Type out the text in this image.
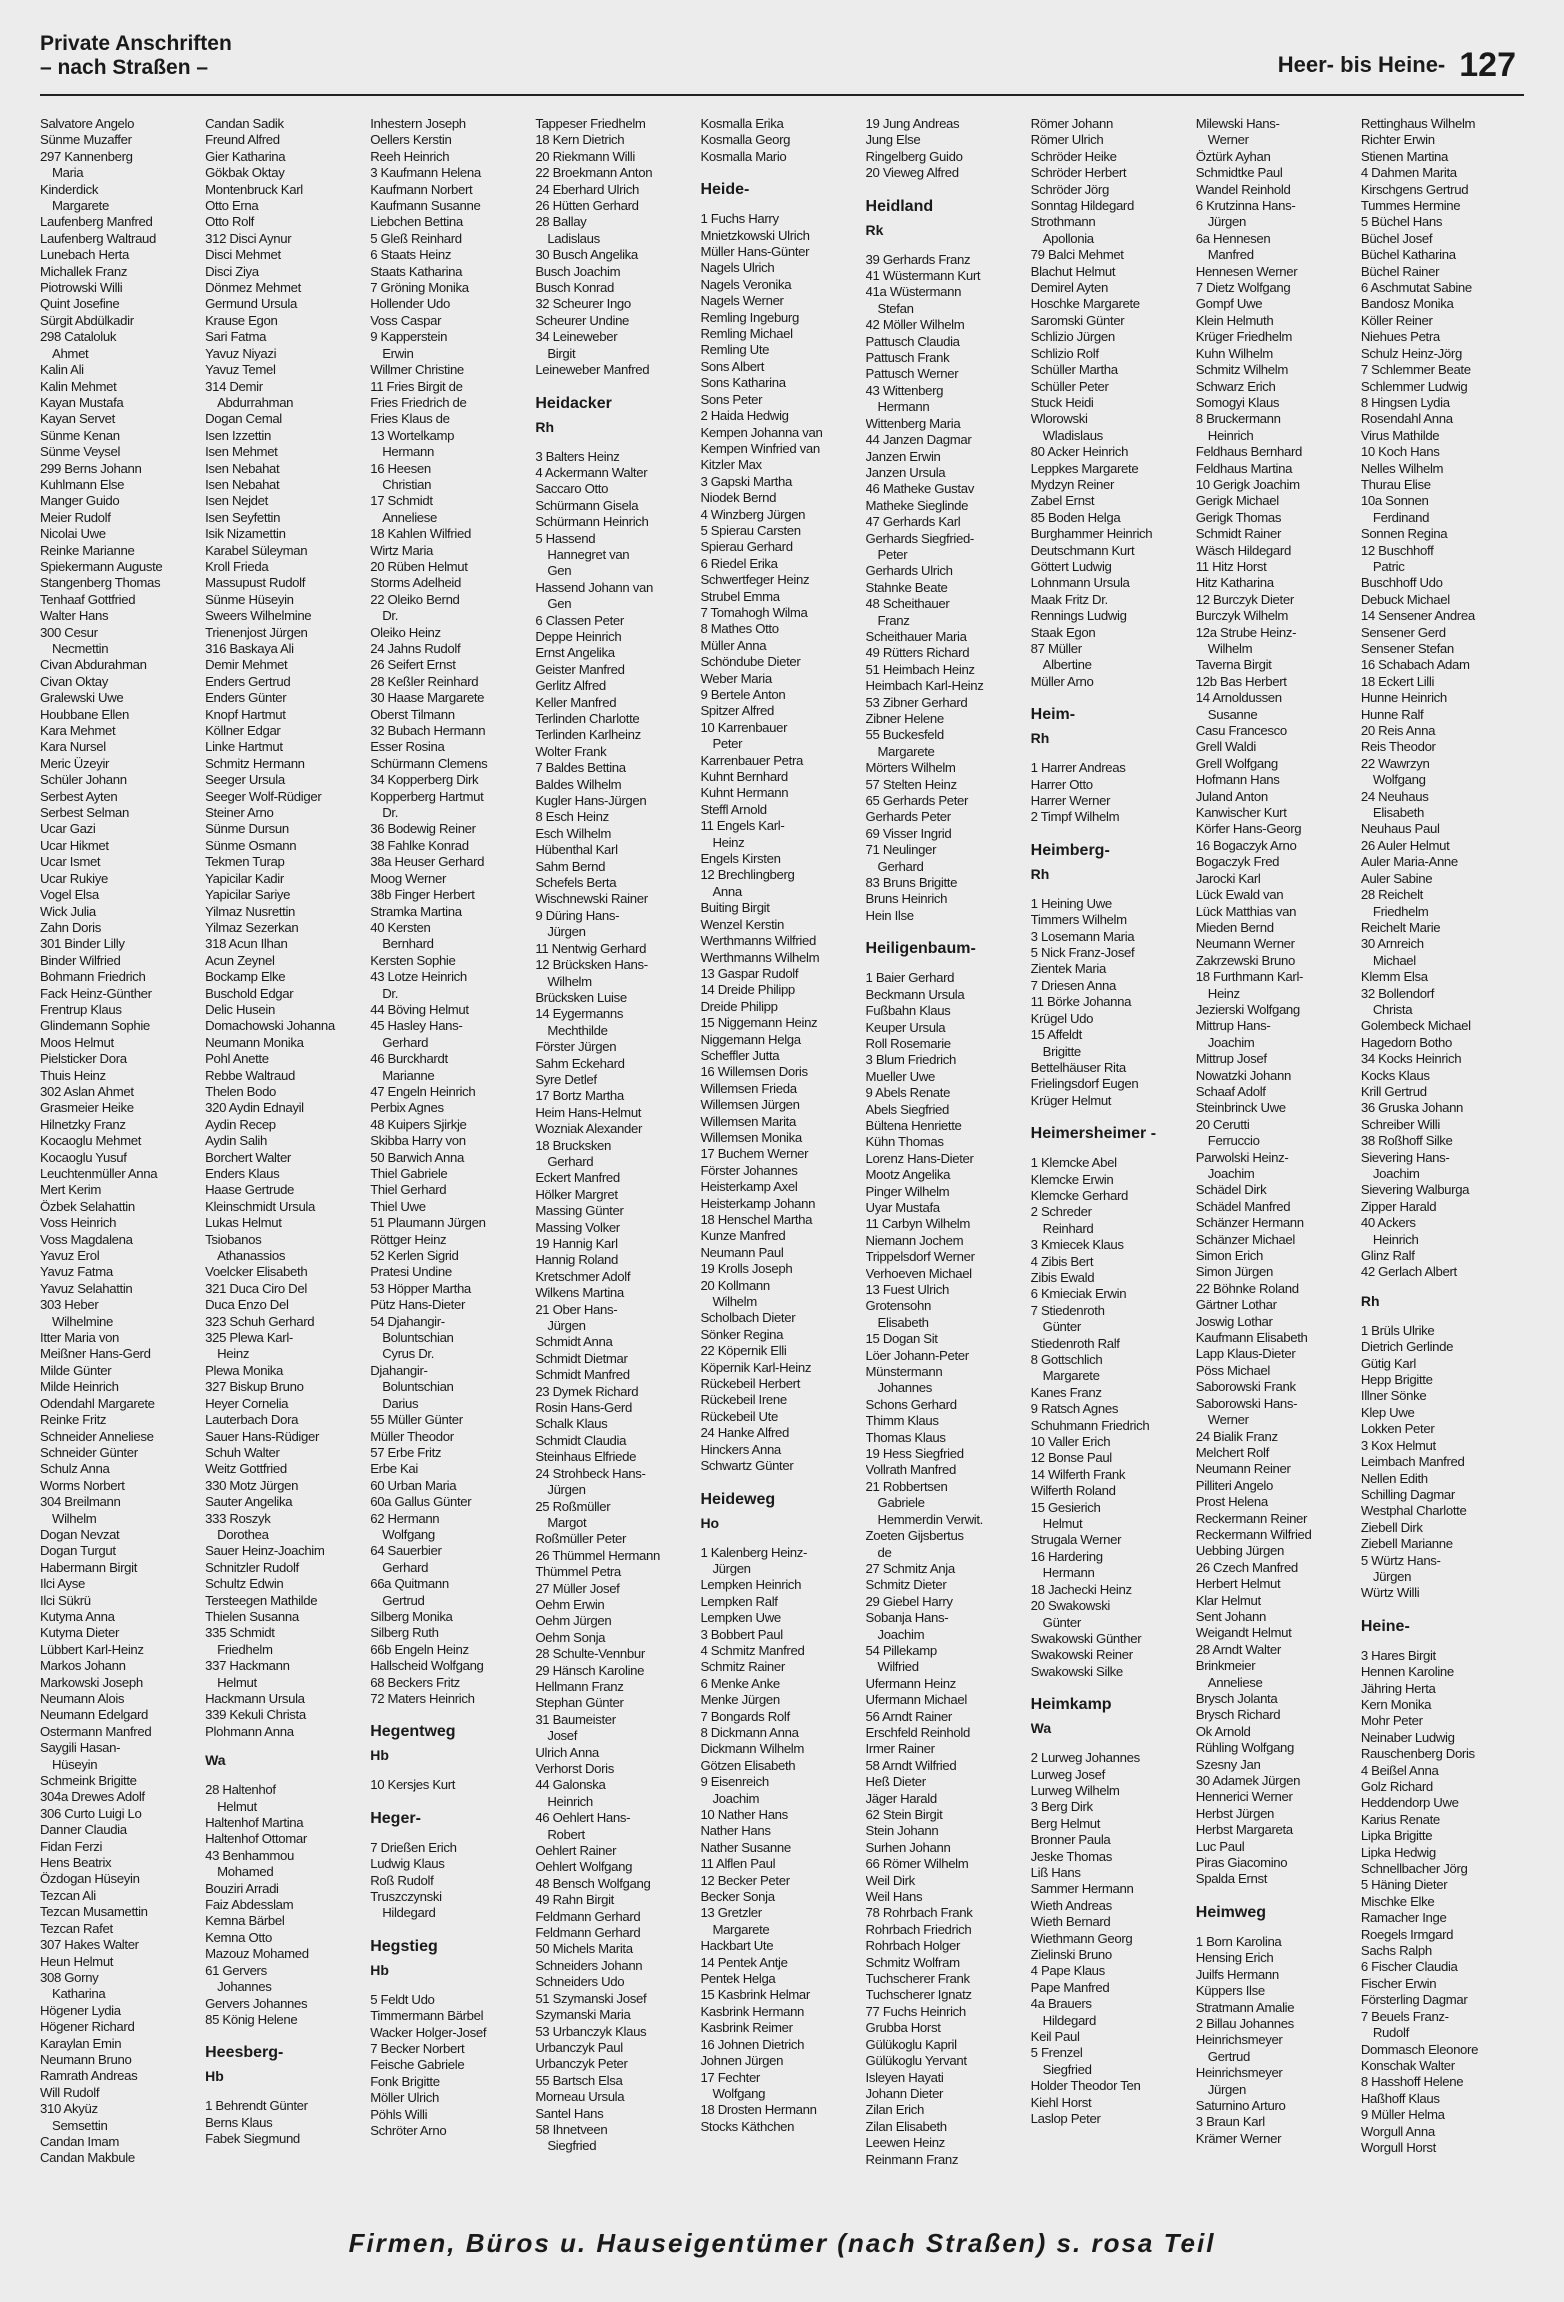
Private Anschriften
– nach Straßen –	Heer- bis Heine- 127
Salvatore Angelo
Sünme Muzaffer
297 Kannenberg
Maria
Kinderdick
Margarete
Laufenberg Manfred
Laufenberg Waltraud
Lunebach Herta
Michallek Franz
Piotrowski Willi
Quint Josefine
Sürgit Abdülkadir
298 Cataloluk
Ahmet
Kalin Ali
Kalin Mehmet
Kayan Mustafa
Kayan Servet
Sünme Kenan
Sünme Veysel
299 Berns Johann
Kuhlmann Else
Manger Guido
Meier Rudolf
Nicolai Uwe
Reinke Marianne
Spiekermann Auguste
Stangenberg Thomas
Tenhaaf Gottfried
Walter Hans
300 Cesur
Necmettin
Civan Abdurahman
Civan Oktay
Gralewski Uwe
Houbbane Ellen
Kara Mehmet
Kara Nursel
Meric Üzeyir
Schüler Johann
Serbest Ayten
Serbest Selman
Ucar Gazi
Ucar Hikmet
Ucar Ismet
Ucar Rukiye
Vogel Elsa
Wick Julia
Zahn Doris
301 Binder Lilly
Binder Wilfried
Bohmann Friedrich
Fack Heinz-Günther
Frentrup Klaus
Glindemann Sophie
Moos Helmut
Pielsticker Dora
Thuis Heinz
302 Aslan Ahmet
Grasmeier Heike
Hilnetzky Franz
Kocaoglu Mehmet
Kocaoglu Yusuf
Leuchtenmüller Anna
Mert Kerim
Özbek Selahattin
Voss Heinrich
Voss Magdalena
Yavuz Erol
Yavuz Fatma
Yavuz Selahattin
303 Heber
Wilhelmine
Itter Maria von
Meißner Hans-Gerd
Milde Günter
Milde Heinrich
Odendahl Margarete
Reinke Fritz
Schneider Anneliese
Schneider Günter
Schulz Anna
Worms Norbert
304 Breilmann
Wilhelm
Dogan Nevzat
Dogan Turgut
Habermann Birgit
Ilci Ayse
Ilci Sükrü
Kutyma Anna
Kutyma Dieter
Lübbert Karl-Heinz
Markos Johann
Markowski Joseph
Neumann Alois
Neumann Edelgard
Ostermann Manfred
Saygili Hasan-
Hüseyin
Schmeink Brigitte
304a Drewes Adolf
306 Curto Luigi Lo
Danner Claudia
Fidan Ferzi
Hens Beatrix
Özdogan Hüseyin
Tezcan Ali
Tezcan Musamettin
Tezcan Rafet
307 Hakes Walter
Heun Helmut
308 Gorny
Katharina
Högener Lydia
Högener Richard
Karaylan Emin
Neumann Bruno
Ramrath Andreas
Will Rudolf
310 Akyüz
Semsettin
Candan Imam
Candan Makbule
Candan Sadik
Freund Alfred
Gier Katharina
Gökbak Oktay
Montenbruck Karl
Otto Erna
Otto Rolf
312 Disci Aynur
Disci Mehmet
Disci Ziya
Dönmez Mehmet
Germund Ursula
Krause Egon
Sari Fatma
Yavuz Niyazi
Yavuz Temel
314 Demir
Abdurrahman
Dogan Cemal
Isen Izzettin
Isen Mehmet
Isen Nebahat
Isen Nebahat
Isen Nejdet
Isen Seyfettin
Isik Nizamettin
Karabel Süleyman
Kroll Frieda
Massupust Rudolf
Sünme Hüseyin
Sweers Wilhelmine
Trienenjost Jürgen
316 Baskaya Ali
Demir Mehmet
Enders Gertrud
Enders Günter
Knopf Hartmut
Köllner Edgar
Linke Hartmut
Schmitz Hermann
Seeger Ursula
Seeger Wolf-Rüdiger
Steiner Arno
Sünme Dursun
Sünme Osmann
Tekmen Turap
Yapicilar Kadir
Yapicilar Sariye
Yilmaz Nusrettin
Yilmaz Sezerkan
318 Acun Ilhan
Acun Zeynel
Bockamp Elke
Buschold Edgar
Delic Husein
Domachowski Johanna
Neumann Monika
Pohl Anette
Rebbe Waltraud
Thelen Bodo
320 Aydin Ednayil
Aydin Recep
Aydin Salih
Borchert Walter
Enders Klaus
Haase Gertrude
Kleinschmidt Ursula
Lukas Helmut
Tsiobanos
Athanassios
Voelcker Elisabeth
321 Duca Ciro Del
Duca Enzo Del
323 Schuh Gerhard
325 Plewa Karl-
Heinz
Plewa Monika
327 Biskup Bruno
Heyer Cornelia
Lauterbach Dora
Sauer Hans-Rüdiger
Schuh Walter
Weitz Gottfried
330 Motz Jürgen
Sauter Angelika
333 Roszyk
Dorothea
Sauer Heinz-Joachim
Schnitzler Rudolf
Schultz Edwin
Tersteegen Mathilde
Thielen Susanna
335 Schmidt
Friedhelm
337 Hackmann
Helmut
Hackmann Ursula
339 Kekuli Christa
Plohmann Anna
Wa
28 Haltenhof
Helmut
Haltenhof Martina
Haltenhof Ottomar
43 Benhammou
Mohamed
Bouziri Arradi
Faiz Abdesslam
Kemna Bärbel
Kemna Otto
Mazouz Mohamed
61 Gervers
Johannes
Gervers Johannes
85 König Helene
Heesberg-
Hb
1 Behrendt Günter
Berns Klaus
Fabek Siegmund
Inhestern Joseph
Oellers Kerstin
Reeh Heinrich
3 Kaufmann Helena
Kaufmann Norbert
Kaufmann Susanne
Liebchen Bettina
5 Gleß Reinhard
6 Staats Heinz
Staats Katharina
7 Gröning Monika
Hollender Udo
Voss Caspar
9 Kapperstein
Erwin
Willmer Christine
11 Fries Birgit de
Fries Friedrich de
Fries Klaus de
13 Wortelkamp
Hermann
16 Heesen
Christian
17 Schmidt
Anneliese
18 Kahlen Wilfried
Wirtz Maria
20 Rüben Helmut
Storms Adelheid
22 Oleiko Bernd
Dr.
Oleiko Heinz
24 Jahns Rudolf
26 Seifert Ernst
28 Keßler Reinhard
30 Haase Margarete
Oberst Tilmann
32 Bubach Hermann
Esser Rosina
Schürmann Clemens
34 Kopperberg Dirk
Kopperberg Hartmut
Dr.
36 Bodewig Reiner
38 Fahlke Konrad
38a Heuser Gerhard
Moog Werner
38b Finger Herbert
Stramka Martina
40 Kersten
Bernhard
Kersten Sophie
43 Lotze Heinrich
Dr.
44 Böving Helmut
45 Hasley Hans-
Gerhard
46 Burckhardt
Marianne
47 Engeln Heinrich
Perbix Agnes
48 Kuipers Sjirkje
Skibba Harry von
50 Barwich Anna
Thiel Gabriele
Thiel Gerhard
Thiel Uwe
51 Plaumann Jürgen
Röttger Heinz
52 Kerlen Sigrid
Pratesi Undine
53 Höpper Martha
Pütz Hans-Dieter
54 Djahangir-
Boluntschian
Cyrus Dr.
Djahangir-
Boluntschian
Darius
55 Müller Günter
Müller Theodor
57 Erbe Fritz
Erbe Kai
60 Urban Maria
60a Gallus Günter
62 Hermann
Wolfgang
64 Sauerbier
Gerhard
66a Quitmann
Gertrud
Silberg Monika
Silberg Ruth
66b Engeln Heinz
Hallscheid Wolfgang
68 Beckers Fritz
72 Maters Heinrich
Hegentweg
Hb
10 Kersjes Kurt
Heger-
7 Drießen Erich
Ludwig Klaus
Roß Rudolf
Truszczynski
Hildegard
Hegstieg
Hb
5 Feldt Udo
Timmermann Bärbel
Wacker Holger-Josef
7 Becker Norbert
Feische Gabriele
Fonk Brigitte
Möller Ulrich
Pöhls Willi
Schröter Arno
Tappeser Friedhelm
18 Kern Dietrich
20 Riekmann Willi
22 Broekmann Anton
24 Eberhard Ulrich
26 Hütten Gerhard
28 Ballay
Ladislaus
30 Busch Angelika
Busch Joachim
Busch Konrad
32 Scheurer Ingo
Scheurer Undine
34 Leineweber
Birgit
Leineweber Manfred
Heidacker
Rh
3 Balters Heinz
4 Ackermann Walter
Saccaro Otto
Schürmann Gisela
Schürmann Heinrich
5 Hassend
Hannegret van
Gen
Hassend Johann van
Gen
6 Classen Peter
Deppe Heinrich
Ernst Angelika
Geister Manfred
Gerlitz Alfred
Keller Manfred
Terlinden Charlotte
Terlinden Karlheinz
Wolter Frank
7 Baldes Bettina
Baldes Wilhelm
Kugler Hans-Jürgen
8 Esch Heinz
Esch Wilhelm
Hübenthal Karl
Sahm Bernd
Schefels Berta
Wischnewski Rainer
9 Düring Hans-
Jürgen
11 Nentwig Gerhard
12 Brücksken Hans-
Wilhelm
Brücksken Luise
14 Eygermanns
Mechthilde
Förster Jürgen
Sahm Eckehard
Syre Detlef
17 Bortz Martha
Heim Hans-Helmut
Wozniak Alexander
18 Brucksken
Gerhard
Eckert Manfred
Hölker Margret
Massing Günter
Massing Volker
19 Hannig Karl
Hannig Roland
Kretschmer Adolf
Wilkens Martina
21 Ober Hans-
Jürgen
Schmidt Anna
Schmidt Dietmar
Schmidt Manfred
23 Dymek Richard
Rosin Hans-Gerd
Schalk Klaus
Schmidt Claudia
Steinhaus Elfriede
24 Strohbeck Hans-
Jürgen
25 Roßmüller
Margot
Roßmüller Peter
26 Thümmel Hermann
Thümmel Petra
27 Müller Josef
Oehm Erwin
Oehm Jürgen
Oehm Sonja
28 Schulte-Vennbur
29 Hänsch Karoline
Hellmann Franz
Stephan Günter
31 Baumeister
Josef
Ulrich Anna
Verhorst Doris
44 Galonska
Heinrich
46 Oehlert Hans-
Robert
Oehlert Rainer
Oehlert Wolfgang
48 Bensch Wolfgang
49 Rahn Birgit
Feldmann Gerhard
Feldmann Gerhard
50 Michels Marita
Schneiders Johann
Schneiders Udo
51 Szymanski Josef
Szymanski Maria
53 Urbanczyk Klaus
Urbanczyk Paul
Urbanczyk Peter
55 Bartsch Elsa
Morneau Ursula
Santel Hans
58 Ihnetveen
Siegfried
Kosmalla Erika
Kosmalla Georg
Kosmalla Mario
Heide-
1 Fuchs Harry
Mnietzkowski Ulrich
Müller Hans-Günter
Nagels Ulrich
Nagels Veronika
Nagels Werner
Remling Ingeburg
Remling Michael
Remling Ute
Sons Albert
Sons Katharina
Sons Peter
2 Haida Hedwig
Kempen Johanna van
Kempen Winfried van
Kitzler Max
3 Gapski Martha
Niodek Bernd
4 Winzberg Jürgen
5 Spierau Carsten
Spierau Gerhard
6 Riedel Erika
Schwertfeger Heinz
Strubel Emma
7 Tomahogh Wilma
8 Mathes Otto
Müller Anna
Schöndube Dieter
Weber Maria
9 Bertele Anton
Spitzer Alfred
10 Karrenbauer
Peter
Karrenbauer Petra
Kuhnt Bernhard
Kuhnt Hermann
Steffl Arnold
11 Engels Karl-
Heinz
Engels Kirsten
12 Brechlingberg
Anna
Buiting Birgit
Wenzel Kerstin
Werthmanns Wilfried
Werthmanns Wilhelm
13 Gaspar Rudolf
14 Dreide Philipp
Dreide Philipp
15 Niggemann Heinz
Niggemann Helga
Scheffler Jutta
16 Willemsen Doris
Willemsen Frieda
Willemsen Jürgen
Willemsen Marita
Willemsen Monika
17 Buchem Werner
Förster Johannes
Heisterkamp Axel
Heisterkamp Johann
18 Henschel Martha
Kunze Manfred
Neumann Paul
19 Krolls Joseph
20 Kollmann
Wilhelm
Scholbach Dieter
Sönker Regina
22 Köpernik Elli
Köpernik Karl-Heinz
Rückebeil Herbert
Rückebeil Irene
Rückebeil Ute
24 Hanke Alfred
Hinckers Anna
Schwartz Günter
Heideweg
Ho
1 Kalenberg Heinz-
Jürgen
Lempken Heinrich
Lempken Ralf
Lempken Uwe
3 Bobbert Paul
4 Schmitz Manfred
Schmitz Rainer
6 Menke Anke
Menke Jürgen
7 Bongards Rolf
8 Dickmann Anna
Dickmann Wilhelm
Götzen Elisabeth
9 Eisenreich
Joachim
10 Nather Hans
Nather Hans
Nather Susanne
11 Alflen Paul
12 Becker Peter
Becker Sonja
13 Gretzler
Margarete
Hackbart Ute
14 Pentek Antje
Pentek Helga
15 Kasbrink Helmar
Kasbrink Hermann
Kasbrink Reimer
16 Johnen Dietrich
Johnen Jürgen
17 Fechter
Wolfgang
18 Drosten Hermann
Stocks Käthchen
19 Jung Andreas
Jung Else
Ringelberg Guido
20 Vieweg Alfred
Heidland
Rk
39 Gerhards Franz
41 Wüstermann Kurt
41a Wüstermann
Stefan
42 Möller Wilhelm
Pattusch Claudia
Pattusch Frank
Pattusch Werner
43 Wittenberg
Hermann
Wittenberg Maria
44 Janzen Dagmar
Janzen Erwin
Janzen Ursula
46 Matheke Gustav
Matheke Sieglinde
47 Gerhards Karl
Gerhards Siegfried-
Peter
Gerhards Ulrich
Stahnke Beate
48 Scheithauer
Franz
Scheithauer Maria
49 Rütters Richard
51 Heimbach Heinz
Heimbach Karl-Heinz
53 Zibner Gerhard
Zibner Helene
55 Buckesfeld
Margarete
Mörters Wilhelm
57 Stelten Heinz
65 Gerhards Peter
Gerhards Peter
69 Visser Ingrid
71 Neulinger
Gerhard
83 Bruns Brigitte
Bruns Heinrich
Hein Ilse
Heiligenbaum-
1 Baier Gerhard
Beckmann Ursula
Fußbahn Klaus
Keuper Ursula
Roll Rosemarie
3 Blum Friedrich
Mueller Uwe
9 Abels Renate
Abels Siegfried
Bültena Henriette
Kühn Thomas
Lorenz Hans-Dieter
Mootz Angelika
Pinger Wilhelm
Uyar Mustafa
11 Carbyn Wilhelm
Niemann Jochem
Trippelsdorf Werner
Verhoeven Michael
13 Fuest Ulrich
Grotensohn
Elisabeth
15 Dogan Sit
Löer Johann-Peter
Münstermann
Johannes
Schons Gerhard
Thimm Klaus
Thomas Klaus
19 Hess Siegfried
Vollrath Manfred
21 Robbertsen
Gabriele
Hemmerdin Verwit.
Zoeten Gijsbertus
de
27 Schmitz Anja
Schmitz Dieter
29 Giebel Harry
Sobanja Hans-
Joachim
54 Pillekamp
Wilfried
Ufermann Heinz
Ufermann Michael
56 Arndt Rainer
Erschfeld Reinhold
Irmer Rainer
58 Arndt Wilfried
Heß Dieter
Jäger Harald
62 Stein Birgit
Stein Johann
Surhen Johann
66 Römer Wilhelm
Weil Dirk
Weil Hans
78 Rohrbach Frank
Rohrbach Friedrich
Rohrbach Holger
Schmitz Wolfram
Tuchscherer Frank
Tuchscherer Ignatz
77 Fuchs Heinrich
Grubba Horst
Gülükoglu Kapril
Gülükoglu Yervant
Isleyen Hayati
Johann Dieter
Zilan Erich
Zilan Elisabeth
Leewen Heinz
Reinmann Franz
Römer Johann
Römer Ulrich
Schröder Heike
Schröder Herbert
Schröder Jörg
Sonntag Hildegard
Strothmann
Apollonia
79 Balci Mehmet
Blachut Helmut
Demirel Ayten
Hoschke Margarete
Saromski Günter
Schlizio Jürgen
Schlizio Rolf
Schüller Martha
Schüller Peter
Stuck Heidi
Wlorowski
Wladislaus
80 Acker Heinrich
Leppkes Margarete
Mydzyn Reiner
Zabel Ernst
85 Boden Helga
Burghammer Heinrich
Deutschmann Kurt
Göttert Ludwig
Lohnmann Ursula
Maak Fritz Dr.
Rennings Ludwig
Staak Egon
87 Müller
Albertine
Müller Arno
Heim-
Rh
1 Harrer Andreas
Harrer Otto
Harrer Werner
2 Timpf Wilhelm
Heimberg-
Rh
1 Heining Uwe
Timmers Wilhelm
3 Losemann Maria
5 Nick Franz-Josef
Zientek Maria
7 Driesen Anna
11 Börke Johanna
Krügel Udo
15 Affeldt
Brigitte
Bettelhäuser Rita
Frielingsdorf Eugen
Krüger Helmut
Heimersheimer -
1 Klemcke Abel
Klemcke Erwin
Klemcke Gerhard
2 Schreder
Reinhard
3 Kmiecek Klaus
4 Zibis Bert
Zibis Ewald
6 Kmieciak Erwin
7 Stiedenroth
Günter
Stiedenroth Ralf
8 Gottschlich
Margarete
Kanes Franz
9 Ratsch Agnes
Schuhmann Friedrich
10 Valler Erich
12 Bonse Paul
14 Wilferth Frank
Wilferth Roland
15 Gesierich
Helmut
Strugala Werner
16 Hardering
Hermann
18 Jachecki Heinz
20 Swakowski
Günter
Swakowski Günther
Swakowski Reiner
Swakowski Silke
Heimkamp
Wa
2 Lurweg Johannes
Lurweg Josef
Lurweg Wilhelm
3 Berg Dirk
Berg Helmut
Bronner Paula
Jeske Thomas
Liß Hans
Sammer Hermann
Wieth Andreas
Wieth Bernard
Wiethmann Georg
Zielinski Bruno
4 Pape Klaus
Pape Manfred
4a Brauers
Hildegard
Keil Paul
5 Frenzel
Siegfried
Holder Theodor Ten
Kiehl Horst
Laslop Peter
Milewski Hans-
Werner
Öztürk Ayhan
Schmidtke Paul
Wandel Reinhold
6 Krutzinna Hans-
Jürgen
6a Hennesen
Manfred
Hennesen Werner
7 Dietz Wolfgang
Gompf Uwe
Klein Helmuth
Krüger Friedhelm
Kuhn Wilhelm
Schmitz Wilhelm
Schwarz Erich
Somogyi Klaus
8 Bruckermann
Heinrich
Feldhaus Bernhard
Feldhaus Martina
10 Gerigk Joachim
Gerigk Michael
Gerigk Thomas
Schmidt Rainer
Wäsch Hildegard
11 Hitz Horst
Hitz Katharina
12 Burczyk Dieter
Burczyk Wilhelm
12a Strube Heinz-
Wilhelm
Taverna Birgit
12b Bas Herbert
14 Arnoldussen
Susanne
Casu Francesco
Grell Waldi
Grell Wolfgang
Hofmann Hans
Juland Anton
Kanwischer Kurt
Körfer Hans-Georg
16 Bogaczyk Arno
Bogaczyk Fred
Jarocki Karl
Lück Ewald van
Lück Matthias van
Mieden Bernd
Neumann Werner
Zakrzewski Bruno
18 Furthmann Karl-
Heinz
Jezierski Wolfgang
Mittrup Hans-
Joachim
Mittrup Josef
Nowatzki Johann
Schaaf Adolf
Steinbrinck Uwe
20 Cerutti
Ferruccio
Parwolski Heinz-
Joachim
Schädel Dirk
Schädel Manfred
Schänzer Hermann
Schänzer Michael
Simon Erich
Simon Jürgen
22 Böhnke Roland
Gärtner Lothar
Joswig Lothar
Kaufmann Elisabeth
Lapp Klaus-Dieter
Pöss Michael
Saborowski Frank
Saborowski Hans-
Werner
24 Bialik Franz
Melchert Rolf
Neumann Reiner
Pilliteri Angelo
Prost Helena
Reckermann Reiner
Reckermann Wilfried
Uebbing Jürgen
26 Czech Manfred
Herbert Helmut
Klar Helmut
Sent Johann
Weigandt Helmut
28 Arndt Walter
Brinkmeier
Anneliese
Brysch Jolanta
Brysch Richard
Ok Arnold
Rühling Wolfgang
Szesny Jan
30 Adamek Jürgen
Hennerici Werner
Herbst Jürgen
Herbst Margareta
Luc Paul
Piras Giacomino
Spalda Ernst
Heimweg
1 Born Karolina
Hensing Erich
Juilfs Hermann
Küppers Ilse
Stratmann Amalie
2 Billau Johannes
Heinrichsmeyer
Gertrud
Heinrichsmeyer
Jürgen
Saturnino Arturo
3 Braun Karl
Krämer Werner
Rettinghaus Wilhelm
Richter Erwin
Stienen Martina
4 Dahmen Marita
Kirschgens Gertrud
Tummes Hermine
5 Büchel Hans
Büchel Josef
Büchel Katharina
Büchel Rainer
6 Aschmutat Sabine
Bandosz Monika
Köller Reiner
Niehues Petra
Schulz Heinz-Jörg
7 Schlemmer Beate
Schlemmer Ludwig
8 Hingsen Lydia
Rosendahl Anna
Virus Mathilde
10 Koch Hans
Nelles Wilhelm
Thurau Elise
10a Sonnen
Ferdinand
Sonnen Regina
12 Buschhoff
Patric
Buschhoff Udo
Debuck Michael
14 Sensener Andrea
Sensener Gerd
Sensener Stefan
16 Schabach Adam
18 Eckert Lilli
Hunne Heinrich
Hunne Ralf
20 Reis Anna
Reis Theodor
22 Wawrzyn
Wolfgang
24 Neuhaus
Elisabeth
Neuhaus Paul
26 Auler Helmut
Auler Maria-Anne
Auler Sabine
28 Reichelt
Friedhelm
Reichelt Marie
30 Arnreich
Michael
Klemm Elsa
32 Bollendorf
Christa
Golembeck Michael
Hagedorn Botho
34 Kocks Heinrich
Kocks Klaus
Krill Gertrud
36 Gruska Johann
Schreiber Willi
38 Roßhoff Silke
Sievering Hans-
Joachim
Sievering Walburga
Zipper Harald
40 Ackers
Heinrich
Glinz Ralf
42 Gerlach Albert
Rh
1 Brüls Ulrike
Dietrich Gerlinde
Gütig Karl
Hepp Brigitte
Illner Sönke
Klep Uwe
Lokken Peter
3 Kox Helmut
Leimbach Manfred
Nellen Edith
Schilling Dagmar
Westphal Charlotte
Ziebell Dirk
Ziebell Marianne
5 Würtz Hans-
Jürgen
Würtz Willi
Heine-
3 Hares Birgit
Hennen Karoline
Jähring Herta
Kern Monika
Mohr Peter
Neinaber Ludwig
Rauschenberg Doris
4 Beißel Anna
Golz Richard
Heddendorp Uwe
Karius Renate
Lipka Brigitte
Lipka Hedwig
Schnellbacher Jörg
5 Häning Dieter
Mischke Elke
Ramacher Inge
Roegels Irmgard
Sachs Ralph
6 Fischer Claudia
Fischer Erwin
Försterling Dagmar
7 Beuels Franz-
Rudolf
Dommasch Eleonore
Konschak Walter
8 Hasshoff Helene
Haßhoff Klaus
9 Müller Helma
Worgull Anna
Worgull Horst
Firmen, Büros u. Hauseigentümer (nach Straßen) s. rosa Teil
